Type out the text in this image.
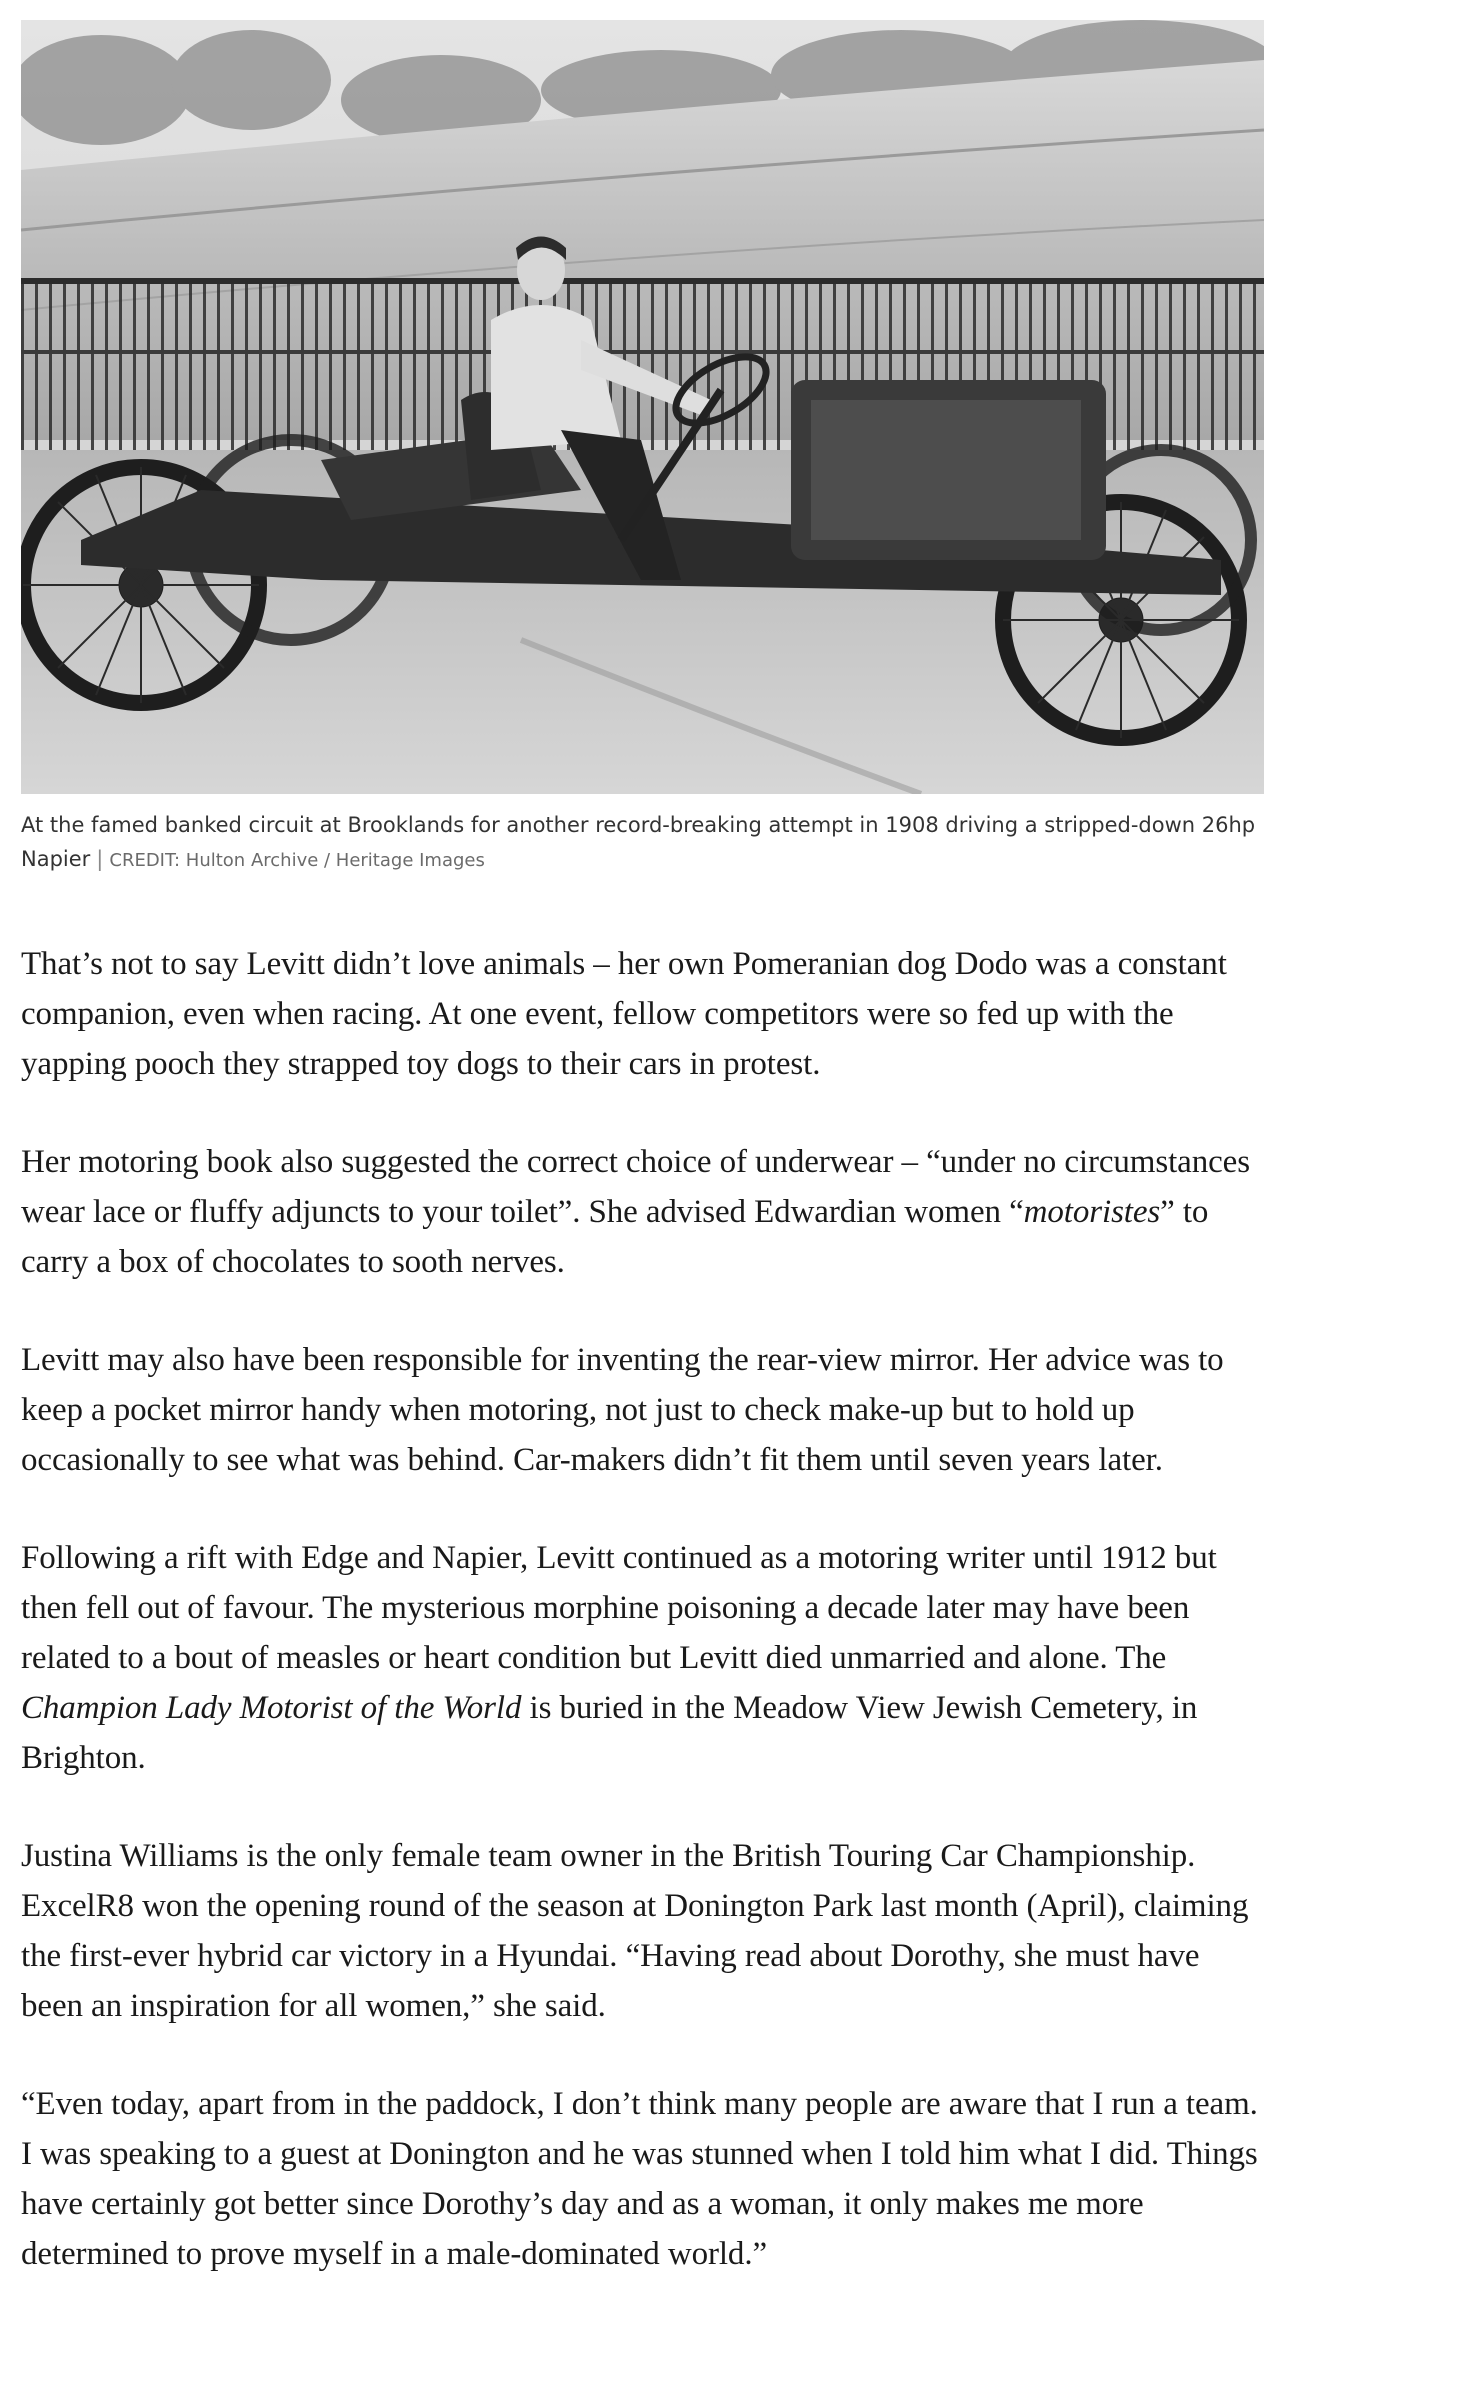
At the famed banked circuit at Brooklands for another record-breaking attempt in 1908 driving a stripped-down 26hp Napier | CREDIT: Hulton Archive / Heritage Images

That’s not to say Levitt didn’t love animals – her own Pomeranian dog Dodo was a constant companion, even when racing. At one event, fellow competitors were so fed up with the yapping pooch they strapped toy dogs to their cars in protest.

Her motoring book also suggested the correct choice of underwear – “under no circumstances wear lace or fluffy adjuncts to your toilet”. She advised Edwardian women “motoristes” to carry a box of chocolates to sooth nerves.

Levitt may also have been responsible for inventing the rear-view mirror. Her advice was to keep a pocket mirror handy when motoring, not just to check make-up but to hold up occasionally to see what was behind. Car-makers didn’t fit them until seven years later.

Following a rift with Edge and Napier, Levitt continued as a motoring writer until 1912 but then fell out of favour. The mysterious morphine poisoning a decade later may have been related to a bout of measles or heart condition but Levitt died unmarried and alone. The Champion Lady Motorist of the World is buried in the Meadow View Jewish Cemetery, in Brighton.

Justina Williams is the only female team owner in the British Touring Car Championship. ExcelR8 won the opening round of the season at Donington Park last month (April), claiming the first-ever hybrid car victory in a Hyundai. “Having read about Dorothy, she must have been an inspiration for all women,” she said.

“Even today, apart from in the paddock, I don’t think many people are aware that I run a team. I was speaking to a guest at Donington and he was stunned when I told him what I did. Things have certainly got better since Dorothy’s day and as a woman, it only makes me more determined to prove myself in a male-dominated world.”
